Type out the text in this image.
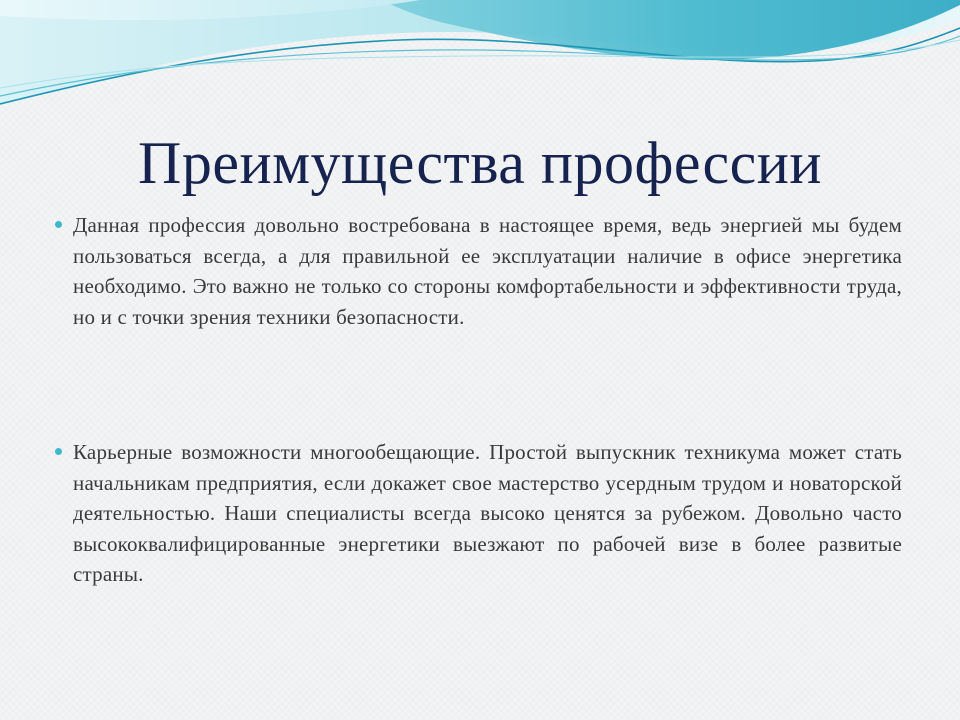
Преимущества профессии

Данная профессия довольно востребована в настоящее время, ведь энергией мы будем пользоваться всегда, а для правильной ее эксплуатации наличие в офисе энергетика необходимо. Это важно не только со стороны комфортабельности и эффективности труда, но и с точки зрения техники безопасности.

Карьерные возможности многообещающие. Простой выпускник техникума может стать начальникам предприятия, если докажет свое мастерство усердным трудом и новаторской деятельностью. Наши специалисты всегда высоко ценятся за рубежом. Довольно часто высококвалифицированные энергетики выезжают по рабочей визе в более развитые страны.
